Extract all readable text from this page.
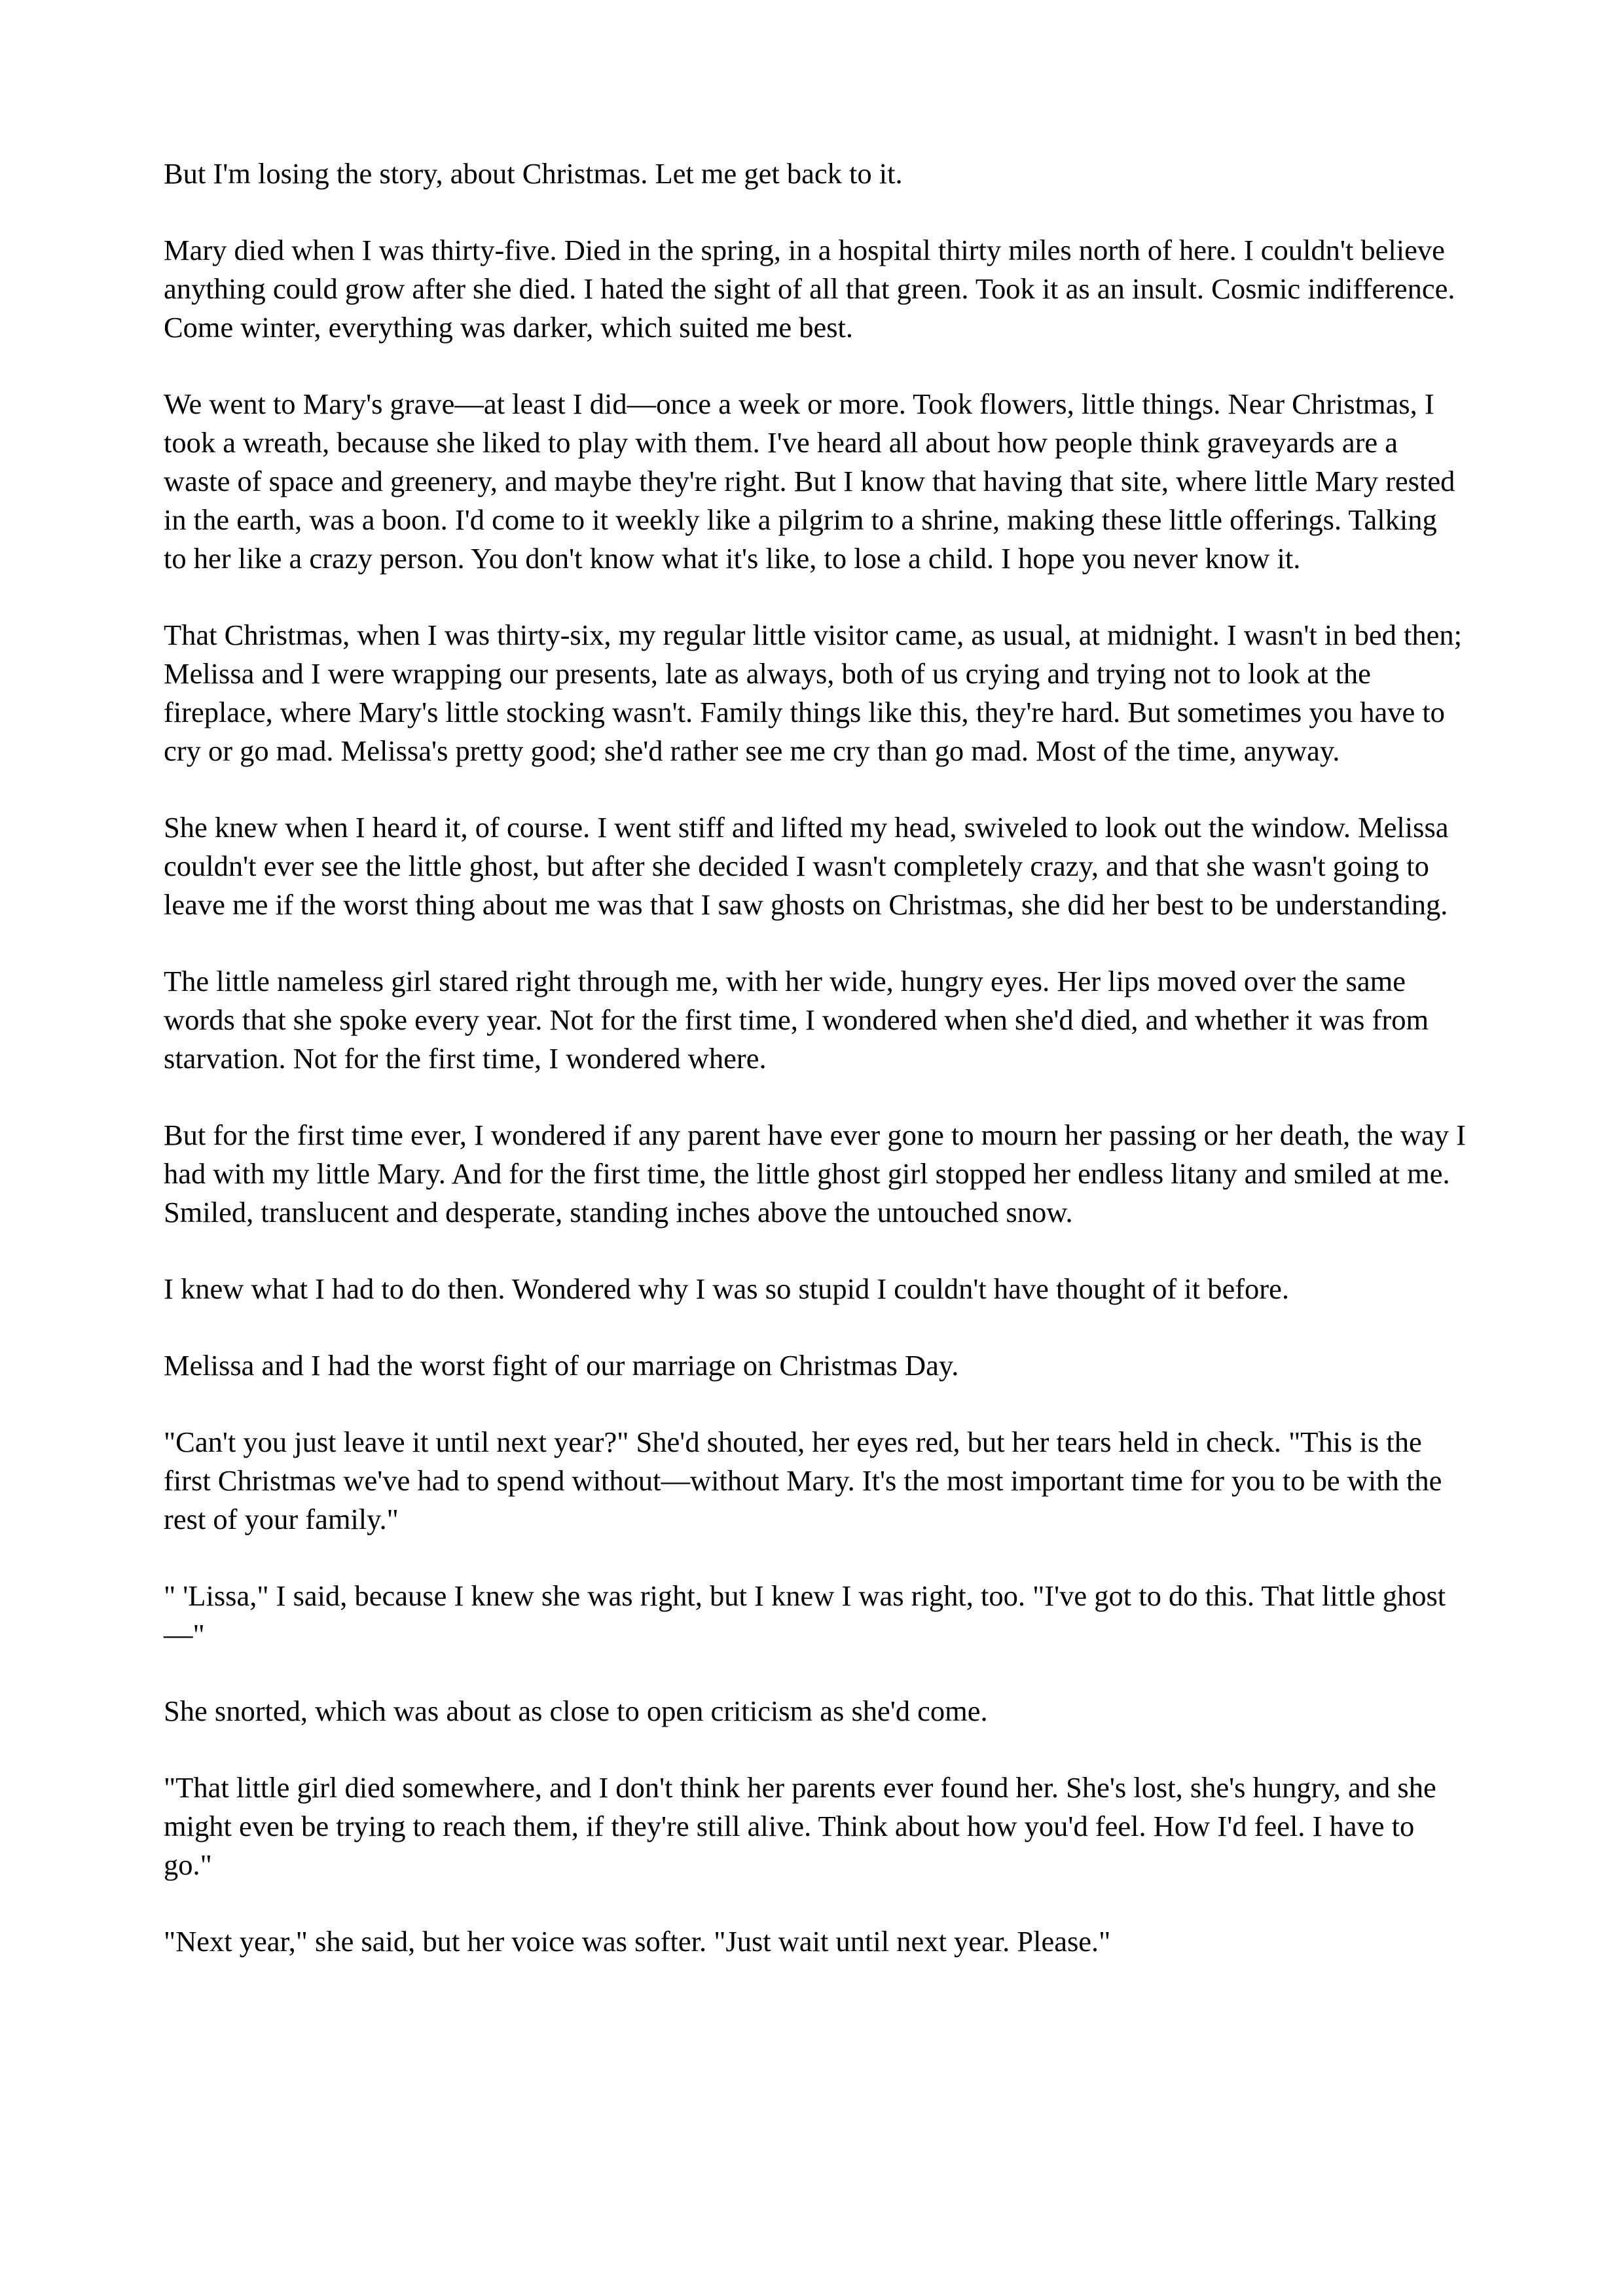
But I'm losing the story, about Christmas. Let me get back to it.

Mary died when I was thirty-five. Died in the spring, in a hospital thirty miles north of here. I couldn't believe anything could grow after she died. I hated the sight of all that green. Took it as an insult. Cosmic indifference. Come winter, everything was darker, which suited me best.

We went to Mary's grave—at least I did—once a week or more. Took flowers, little things. Near Christmas, I took a wreath, because she liked to play with them. I've heard all about how people think graveyards are a waste of space and greenery, and maybe they're right. But I know that having that site, where little Mary rested in the earth, was a boon. I'd come to it weekly like a pilgrim to a shrine, making these little offerings. Talking to her like a crazy person. You don't know what it's like, to lose a child. I hope you never know it.

That Christmas, when I was thirty-six, my regular little visitor came, as usual, at midnight. I wasn't in bed then; Melissa and I were wrapping our presents, late as always, both of us crying and trying not to look at the fireplace, where Mary's little stocking wasn't. Family things like this, they're hard. But sometimes you have to cry or go mad. Melissa's pretty good; she'd rather see me cry than go mad. Most of the time, anyway.

She knew when I heard it, of course. I went stiff and lifted my head, swiveled to look out the window. Melissa couldn't ever see the little ghost, but after she decided I wasn't completely crazy, and that she wasn't going to leave me if the worst thing about me was that I saw ghosts on Christmas, she did her best to be understanding.

The little nameless girl stared right through me, with her wide, hungry eyes. Her lips moved over the same words that she spoke every year. Not for the first time, I wondered when she'd died, and whether it was from starvation. Not for the first time, I wondered where.

But for the first time ever, I wondered if any parent have ever gone to mourn her passing or her death, the way I had with my little Mary. And for the first time, the little ghost girl stopped her endless litany and smiled at me. Smiled, translucent and desperate, standing inches above the untouched snow.

I knew what I had to do then. Wondered why I was so stupid I couldn't have thought of it before.

Melissa and I had the worst fight of our marriage on Christmas Day.

"Can't you just leave it until next year?" She'd shouted, her eyes red, but her tears held in check. "This is the first Christmas we've had to spend without—without Mary. It's the most important time for you to be with the rest of your family."

" 'Lissa," I said, because I knew she was right, but I knew I was right, too. "I've got to do this. That little ghost—"

She snorted, which was about as close to open criticism as she'd come.

"That little girl died somewhere, and I don't think her parents ever found her. She's lost, she's hungry, and she might even be trying to reach them, if they're still alive. Think about how you'd feel. How I'd feel. I have to go."

"Next year," she said, but her voice was softer. "Just wait until next year. Please."
